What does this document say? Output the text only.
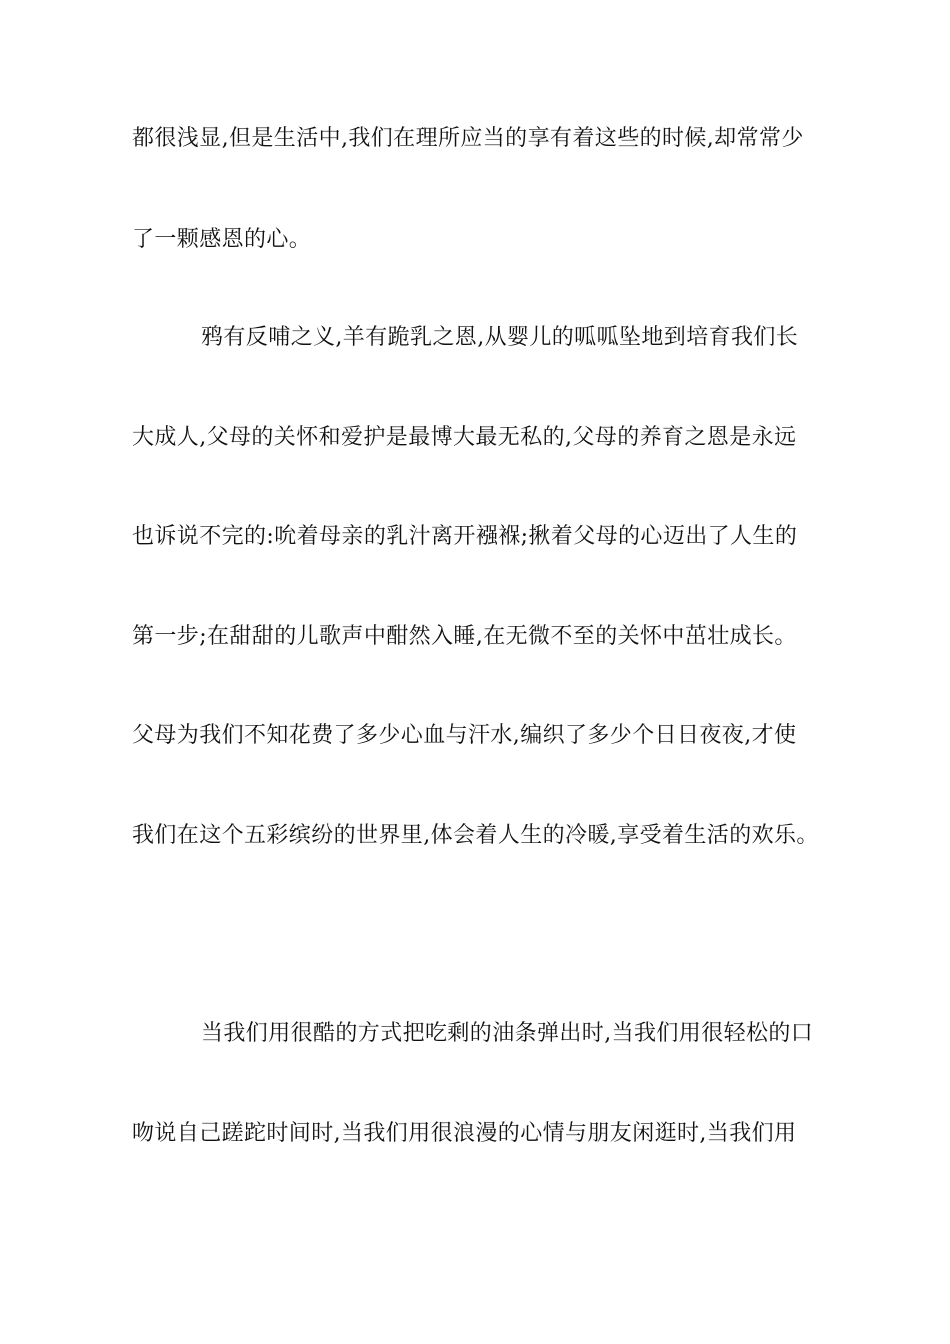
都很浅显,但是生活中,我们在理所应当的享有着这些的时候,却常常少
了一颗感恩的心。
鸦有反哺之义,羊有跪乳之恩,从婴儿的呱呱坠地到培育我们长
大成人,父母的关怀和爱护是最博大最无私的,父母的养育之恩是永远
也诉说不完的:吮着母亲的乳汁离开襁褓;揪着父母的心迈出了人生的
第一步;在甜甜的儿歌声中酣然入睡,在无微不至的关怀中茁壮成长。
父母为我们不知花费了多少心血与汗水,编织了多少个日日夜夜,才使
我们在这个五彩缤纷的世界里,体会着人生的冷暖,享受着生活的欢乐。
当我们用很酷的方式把吃剩的油条弹出时,当我们用很轻松的口
吻说自己蹉跎时间时,当我们用很浪漫的心情与朋友闲逛时,当我们用
